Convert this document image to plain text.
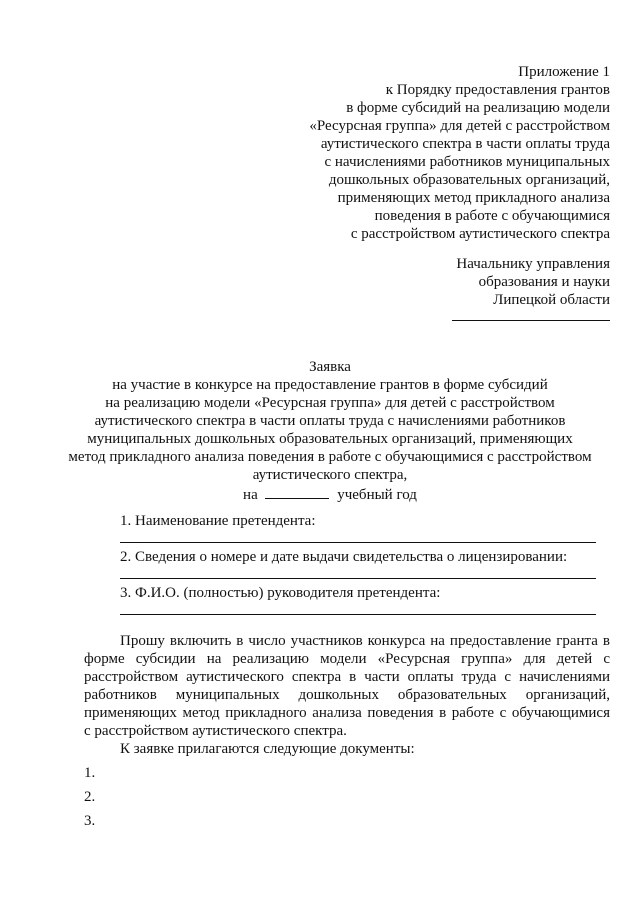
Приложение 1
к Порядку предоставления грантов
в форме субсидий на реализацию модели
«Ресурсная группа» для детей с расстройством
аутистического спектра в части оплаты труда
с начислениями работников муниципальных
дошкольных образовательных организаций,
применяющих метод прикладного анализа
поведения в работе с обучающимися
с расстройством аутистического спектра
Начальнику управления
образования и науки
Липецкой области
Заявка
на участие в конкурсе на предоставление грантов в форме субсидий
на реализацию модели «Ресурсная группа» для детей с расстройством
аутистического спектра в части оплаты труда с начислениями работников
муниципальных дошкольных образовательных организаций, применяющих
метод прикладного анализа поведения в работе с обучающимися с расстройством
аутистического спектра,
на	учебный год
1. Наименование претендента:
2. Сведения о номере и дате выдачи свидетельства о лицензировании:
3. Ф.И.О. (полностью) руководителя претендента:
Прошу включить в число участников конкурса на предоставление гранта в
форме субсидии на реализацию модели «Ресурсная группа» для детей с
расстройством аутистического спектра в части оплаты труда с начислениями
работников муниципальных дошкольных образовательных организаций,
применяющих метод прикладного анализа поведения в работе с обучающимися
с расстройством аутистического спектра.
К заявке прилагаются следующие документы:
1.
2.
3.
